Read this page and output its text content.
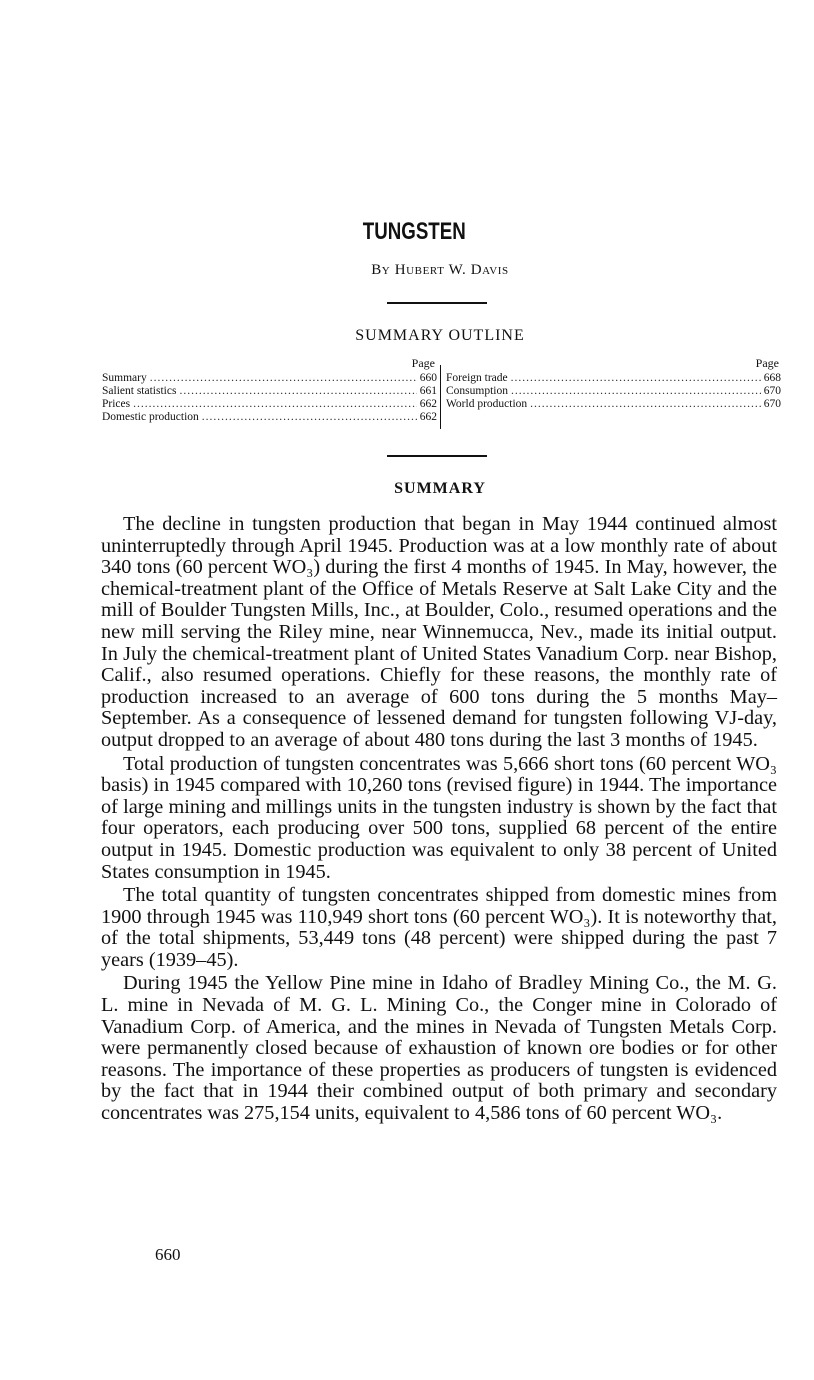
TUNGSTEN
By Hubert W. Davis
SUMMARY OUTLINE
Page
Summary .....	660
Salient statistics .....	661
Prices .....	662
Domestic production .....	662
Page
Foreign trade .....	668
Consumption .....	670
World production .....	670
SUMMARY

The decline in tungsten production that began in May 1944 continued almost uninterruptedly through April 1945. Production was at a low monthly rate of about 340 tons (60 percent WO₃) during the first 4 months of 1945. In May, however, the chemical-treatment plant of the Office of Metals Reserve at Salt Lake City and the mill of Boulder Tungsten Mills, Inc., at Boulder, Colo., resumed operations and the new mill serving the Riley mine, near Winnemucca, Nev., made its initial output. In July the chemical-treatment plant of United States Vanadium Corp. near Bishop, Calif., also resumed operations. Chiefly for these reasons, the monthly rate of production increased to an average of 600 tons during the 5 months May–September. As a consequence of lessened demand for tungsten following VJ-day, output dropped to an average of about 480 tons during the last 3 months of 1945.

Total production of tungsten concentrates was 5,666 short tons (60 percent WO₃ basis) in 1945 compared with 10,260 tons (revised figure) in 1944. The importance of large mining and millings units in the tungsten industry is shown by the fact that four operators, each producing over 500 tons, supplied 68 percent of the entire output in 1945. Domestic production was equivalent to only 38 percent of United States consumption in 1945.

The total quantity of tungsten concentrates shipped from domestic mines from 1900 through 1945 was 110,949 short tons (60 percent WO₃). It is noteworthy that, of the total shipments, 53,449 tons (48 percent) were shipped during the past 7 years (1939–45).

During 1945 the Yellow Pine mine in Idaho of Bradley Mining Co., the M. G. L. mine in Nevada of M. G. L. Mining Co., the Conger mine in Colorado of Vanadium Corp. of America, and the mines in Nevada of Tungsten Metals Corp. were permanently closed because of exhaustion of known ore bodies or for other reasons. The importance of these properties as producers of tungsten is evidenced by the fact that in 1944 their combined output of both primary and secondary concentrates was 275,154 units, equivalent to 4,586 tons of 60 percent WO₃.

660
